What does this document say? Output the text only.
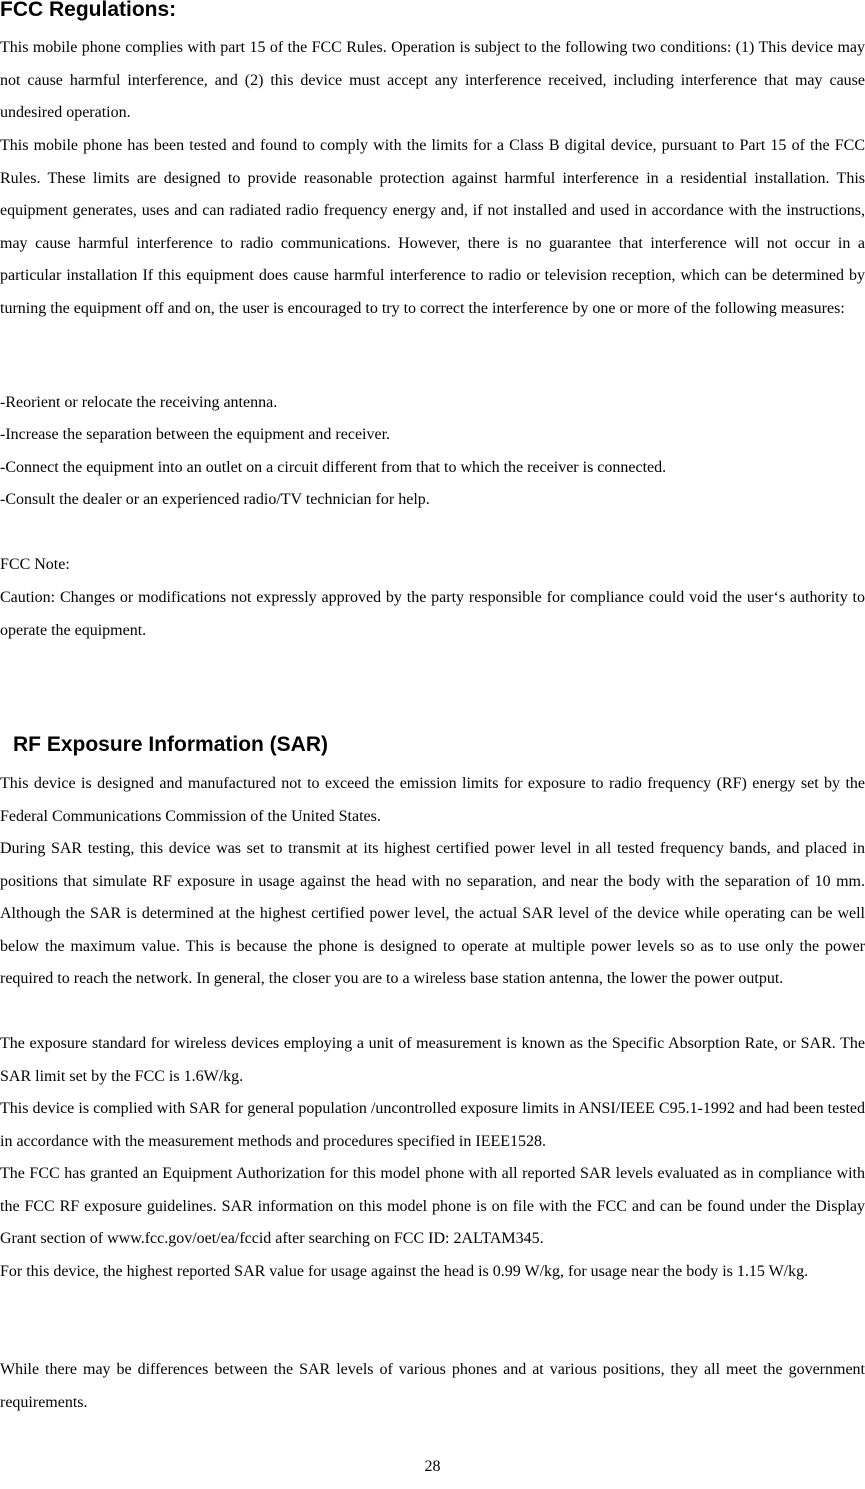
FCC Regulations:

This mobile phone complies with part 15 of the FCC Rules. Operation is subject to the following two conditions: (1) This device may not cause harmful interference, and (2) this device must accept any interference received, including interference that may cause undesired operation.

This mobile phone has been tested and found to comply with the limits for a Class B digital device, pursuant to Part 15 of the FCC Rules. These limits are designed to provide reasonable protection against harmful interference in a residential installation. This equipment generates, uses and can radiated radio frequency energy and, if not installed and used in accordance with the instructions, may cause harmful interference to radio communications. However, there is no guarantee that interference will not occur in a particular installation If this equipment does cause harmful interference to radio or television reception, which can be determined by turning the equipment off and on, the user is encouraged to try to correct the interference by one or more of the following measures:

-Reorient or relocate the receiving antenna.
-Increase the separation between the equipment and receiver.
-Connect the equipment into an outlet on a circuit different from that to which the receiver is connected.
-Consult the dealer or an experienced radio/TV technician for help.
FCC Note:

Caution: Changes or modifications not expressly approved by the party responsible for compliance could void the user‘s authority to operate the equipment.

RF Exposure Information (SAR)

This device is designed and manufactured not to exceed the emission limits for exposure to radio frequency (RF) energy set by the Federal Communications Commission of the United States.

During SAR testing, this device was set to transmit at its highest certified power level in all tested frequency bands, and placed in positions that simulate RF exposure in usage against the head with no separation, and near the body with the separation of 10 mm. Although the SAR is determined at the highest certified power level, the actual SAR level of the device while operating can be well below the maximum value. This is because the phone is designed to operate at multiple power levels so as to use only the power required to reach the network. In general, the closer you are to a wireless base station antenna, the lower the power output.

The exposure standard for wireless devices employing a unit of measurement is known as the Specific Absorption Rate, or SAR. The SAR limit set by the FCC is 1.6W/kg.

This device is complied with SAR for general population /uncontrolled exposure limits in ANSI/IEEE C95.1-1992 and had been tested in accordance with the measurement methods and procedures specified in IEEE1528.

The FCC has granted an Equipment Authorization for this model phone with all reported SAR levels evaluated as in compliance with the FCC RF exposure guidelines. SAR information on this model phone is on file with the FCC and can be found under the Display Grant section of www.fcc.gov/oet/ea/fccid after searching on FCC ID: 2ALTAM345.

For this device, the highest reported SAR value for usage against the head is 0.99 W/kg, for usage near the body is 1.15 W/kg.

While there may be differences between the SAR levels of various phones and at various positions, they all meet the government requirements.

28
